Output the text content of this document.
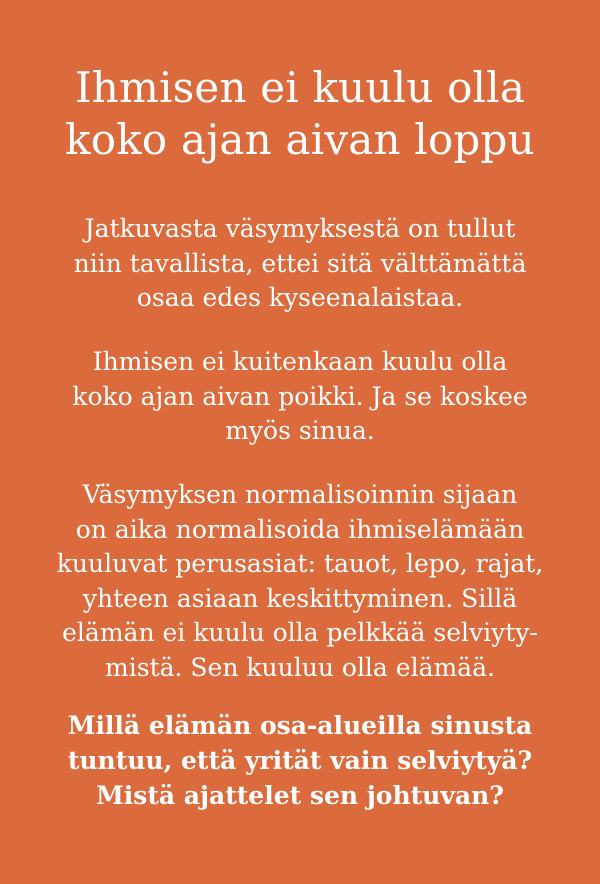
Ihmisen ei kuulu olla
koko ajan aivan loppu

Jatkuvasta väsymyksestä on tullut
niin tavallista, ettei sitä välttämättä
osaa edes kyseenalaistaa.

Ihmisen ei kuitenkaan kuulu olla
koko ajan aivan poikki. Ja se koskee
myös sinua.

Väsymyksen normalisoinnin sijaan
on aika normalisoida ihmiselämään
kuuluvat perusasiat: tauot, lepo, rajat,
yhteen asiaan keskittyminen. Sillä
elämän ei kuulu olla pelkkää selviyty-
mistä. Sen kuuluu olla elämää.

Millä elämän osa-alueilla sinusta
tuntuu, että yrität vain selviytyä?
Mistä ajattelet sen johtuvan?
